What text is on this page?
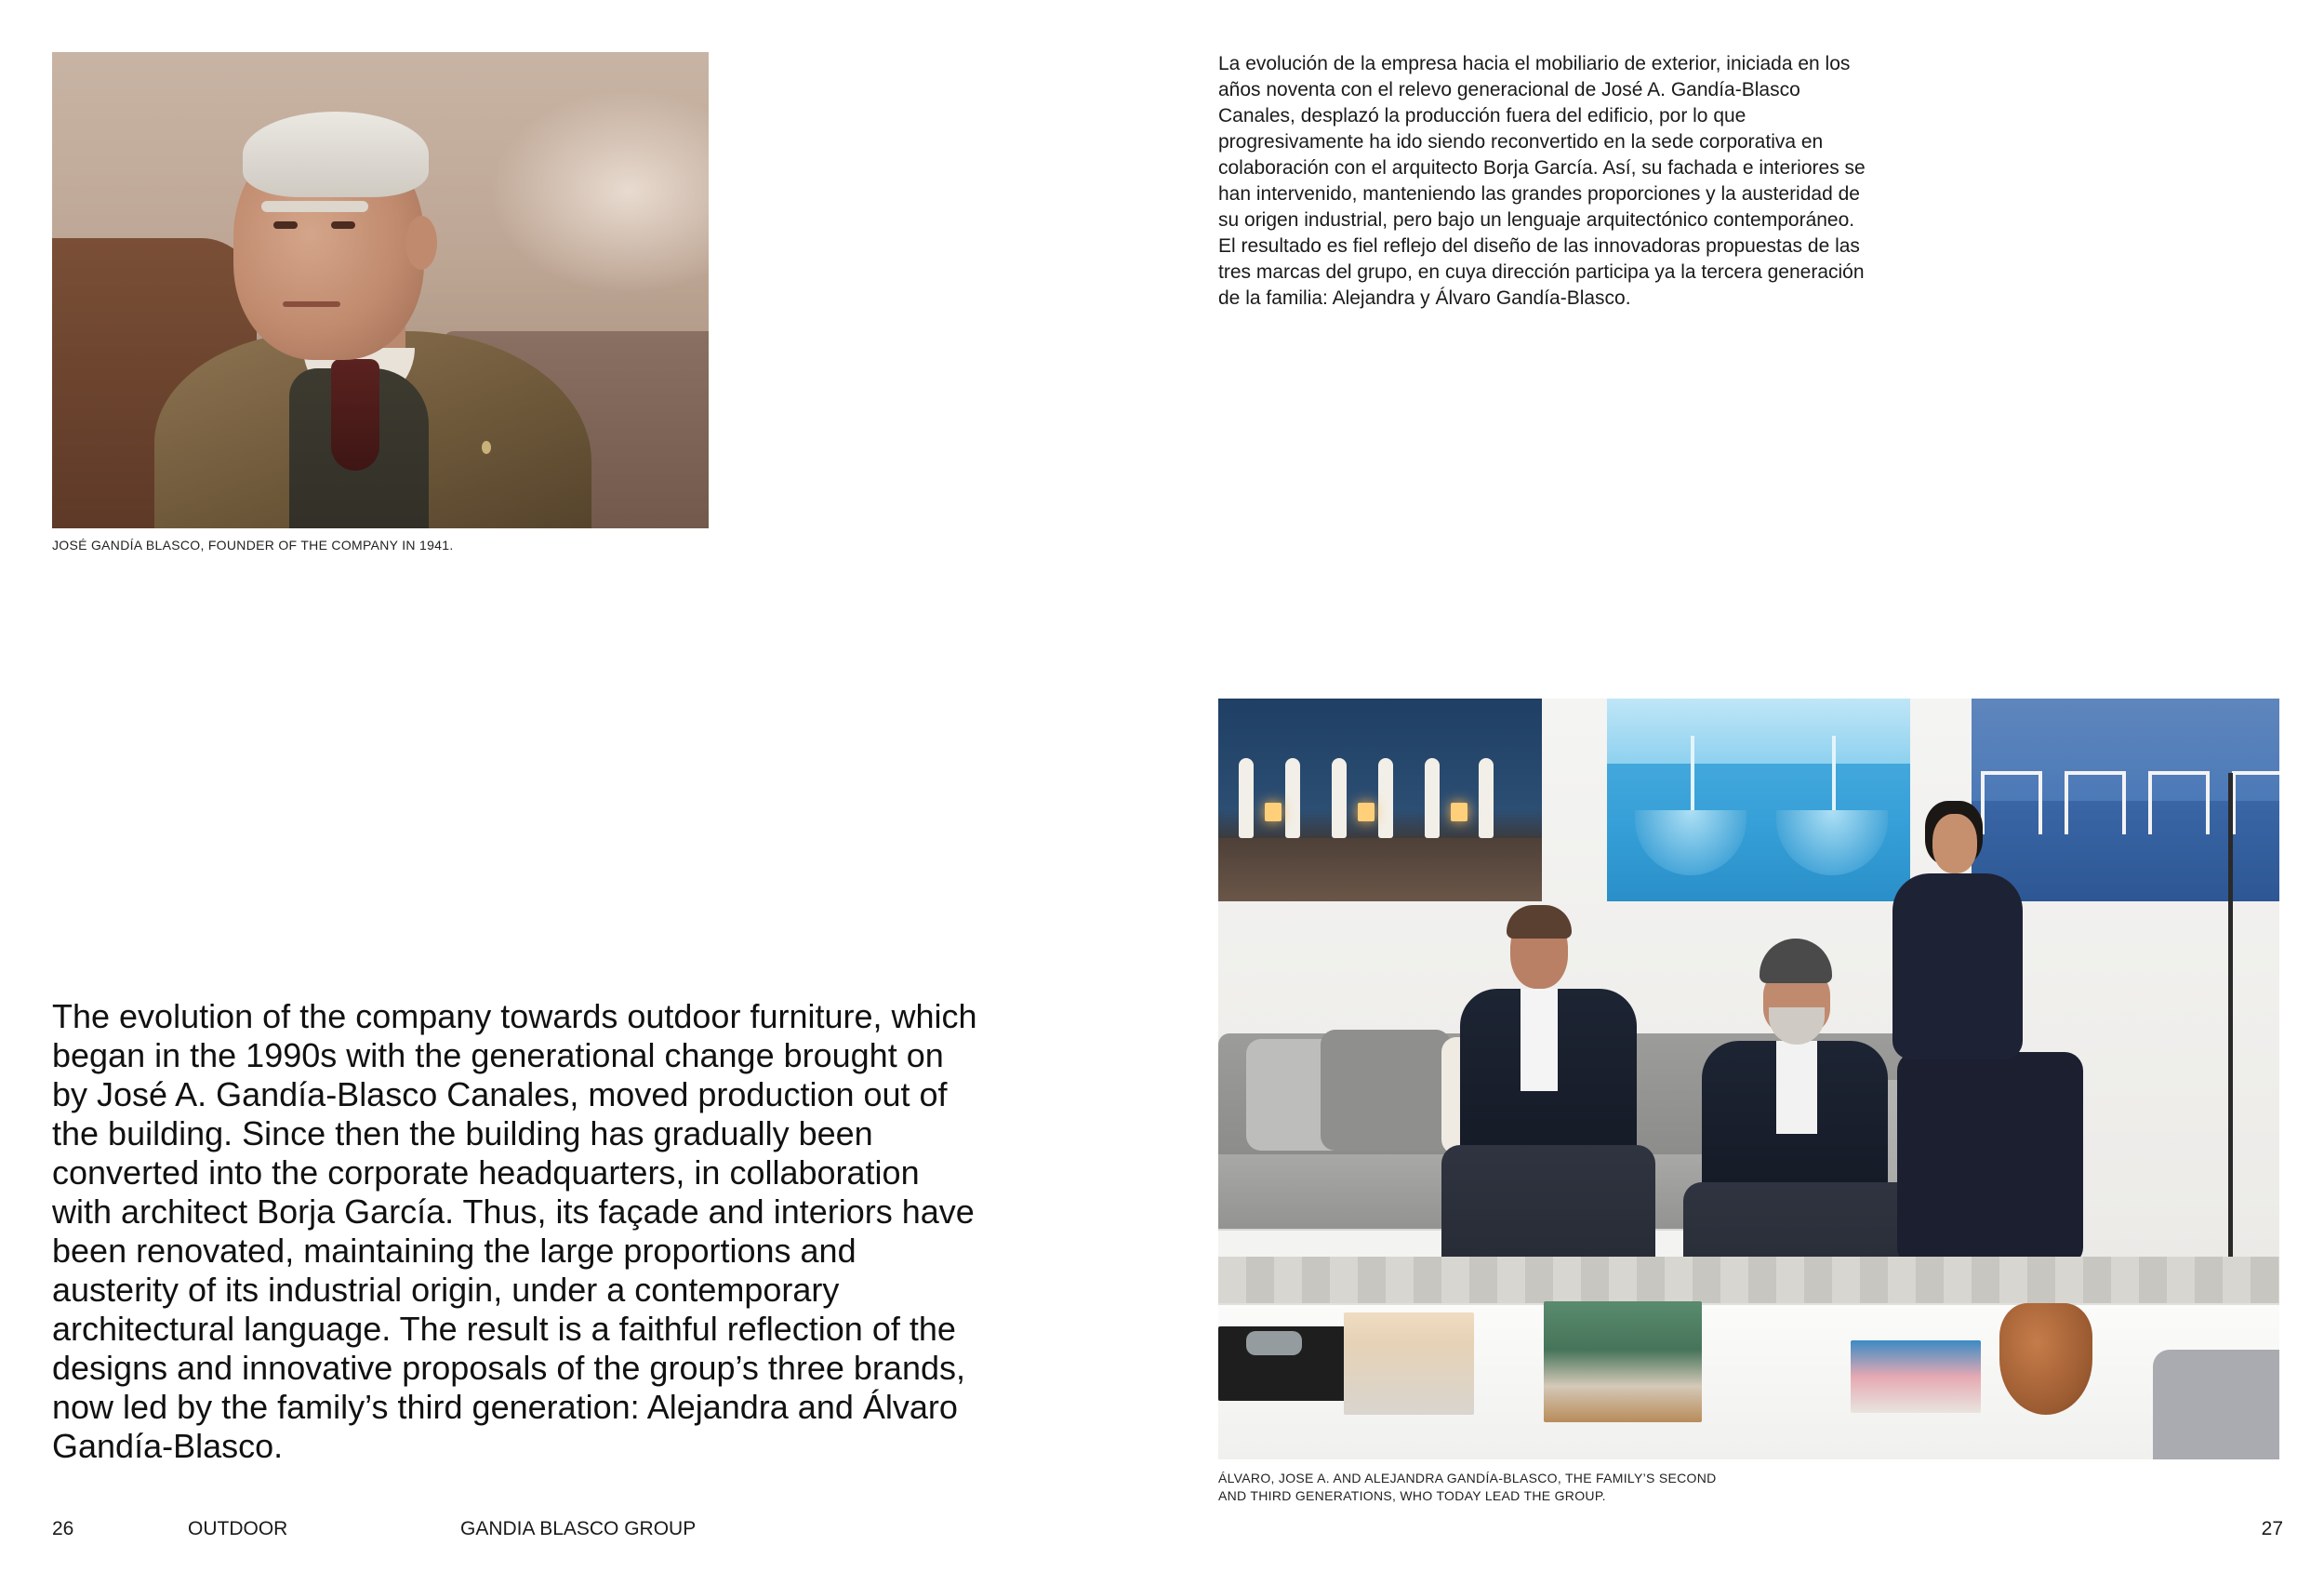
JOSÉ GANDÍA BLASCO, FOUNDER OF THE COMPANY IN 1941.
The evolution of the company towards outdoor furniture, which began in the 1990s with the generational change brought on by José A. Gandía-Blasco Canales, moved production out of the building. Since then the building has gradually been converted into the corporate headquarters, in collaboration with architect Borja García. Thus, its façade and interiors have been renovated, maintaining the large proportions and austerity of its industrial origin, under a contemporary architectural language. The result is a faithful reflection of the designs and innovative proposals of the group’s three brands, now led by the family’s third generation: Alejandra and Álvaro Gandía-Blasco.
26	OUTDOOR	GANDIA BLASCO GROUP
La evolución de la empresa hacia el mobiliario de exterior, iniciada en los años noventa con el relevo generacional de José A. Gandía-Blasco Canales, desplazó la producción fuera del edificio, por lo que progresivamente ha ido siendo reconvertido en la sede corporativa en colaboración con el arquitecto Borja García. Así, su fachada e interiores se han intervenido, manteniendo las grandes proporciones y la austeridad de su origen industrial, pero bajo un lenguaje arquitectónico contemporáneo. El resultado es fiel reflejo del diseño de las innovadoras propuestas de las tres marcas del grupo, en cuya dirección participa ya la tercera generación de la familia: Alejandra y Álvaro Gandía-Blasco.
ÁLVARO, JOSE A. AND ALEJANDRA GANDÍA-BLASCO, THE FAMILY’S SECOND
AND THIRD GENERATIONS, WHO TODAY LEAD THE GROUP.
27
